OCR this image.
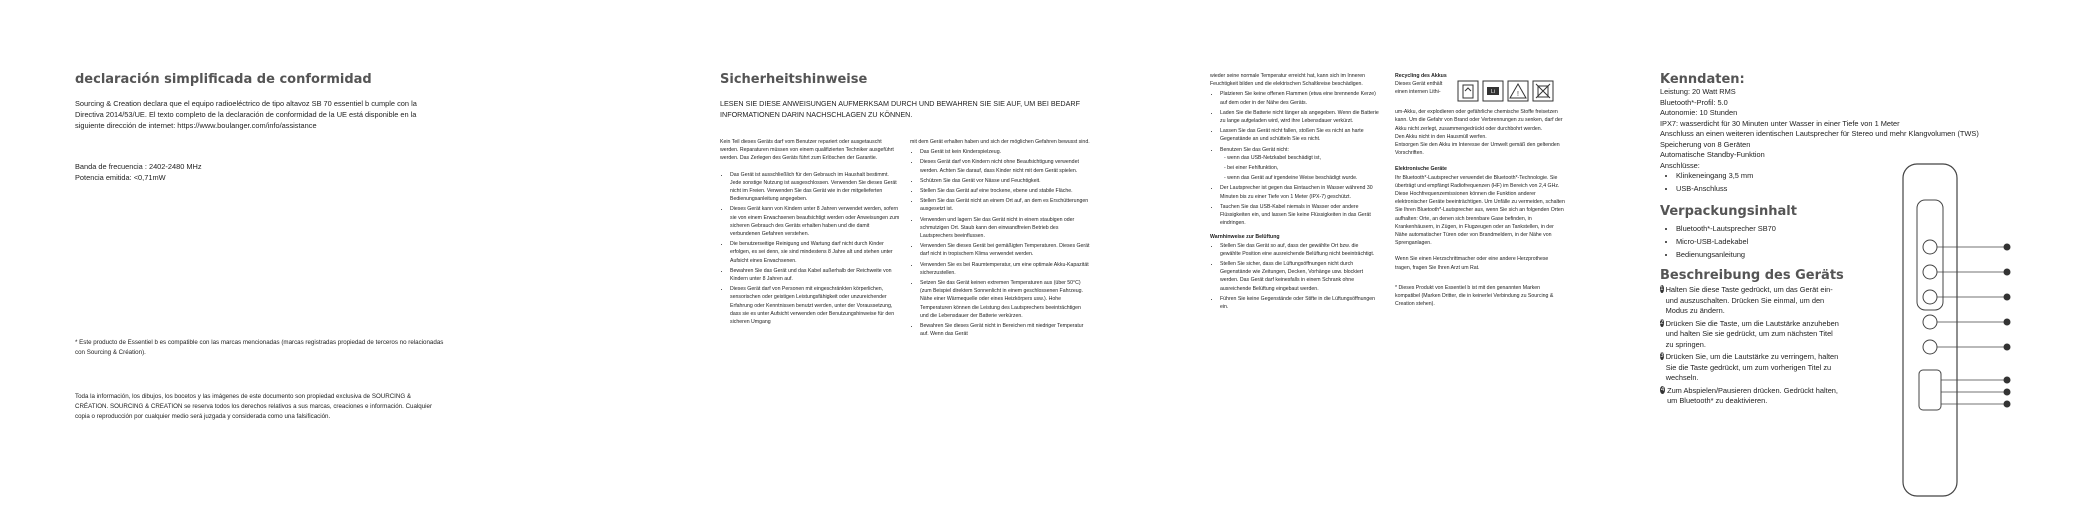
declaración simplificada de conformidad
Sourcing & Creation declara que el equipo radioeléctrico de tipo altavoz SB 70 essentiel b cumple con la Directiva 2014/53/UE. El texto completo de la declaración de conformidad de la UE está disponible en la siguiente dirección de internet: https://www.boulanger.com/info/assistance
Banda de frecuencia : 2402-2480 MHz
Potencia emitida: <0,71mW
* Este producto de Essentiel b es compatible con las marcas mencionadas (marcas registradas propiedad de terceros no relacionadas con Sourcing & Création).
Toda la información, los dibujos, los bocetos y las imágenes de este documento son propiedad exclusiva de SOURCING & CRÉATION. SOURCING & CREATION se reserva todos los derechos relativos a sus marcas, creaciones e información. Cualquier copia o reproducción por cualquier medio será juzgada y considerada como una falsificación.
Sicherheitshinweise
LESEN SIE DIESE ANWEISUNGEN AUFMERKSAM DURCH UND BEWAHREN SIE SIE AUF, UM BEI BEDARF INFORMATIONEN DARIN NACHSCHLAGEN ZU KÖNNEN.

Kein Teil dieses Geräts darf vom Benutzer repariert oder ausgetauscht werden. Reparaturen müssen von einem qualifizierten Techniker ausgeführt werden. Das Zerlegen des Geräts führt zum Erlöschen der Garantie.

• Das Gerät ist ausschließlich für den Gebrauch im Haushalt bestimmt. Jede sonstige Nutzung ist ausgeschlossen. Verwenden Sie dieses Gerät nicht im Freien. Verwenden Sie das Gerät wie in der mitgelieferten Bedienungsanleitung angegeben.
• Dieses Gerät kann von Kindern unter 8 Jahren verwendet werden, sofern sie von einem Erwachsenen beaufsichtigt werden oder Anweisungen zum sicheren Gebrauch des Geräts erhalten haben und die damit verbundenen Gefahren verstehen.
• Die benutzerseitige Reinigung und Wartung darf nicht durch Kinder erfolgen, es sei denn, sie sind mindestens 8 Jahre alt und stehen unter Aufsicht eines Erwachsenen.
• Bewahren Sie das Gerät und das Kabel außerhalb der Reichweite von Kindern unter 8 Jahren auf.
• Dieses Gerät darf von Personen mit eingeschränkten körperlichen, sensorischen oder geistigen Leistungsfähigkeit oder unzureichender Erfahrung oder Kenntnissen benutzt werden, unter der Voraussetzung, dass sie es unter Aufsicht verwenden oder Benutzungshinweise für den sicheren Umgang

mit dem Gerät erhalten haben und sich der möglichen Gefahren bewusst sind.

• Das Gerät ist kein Kinderspielzeug.
• Dieses Gerät darf von Kindern nicht ohne Beaufsichtigung verwendet werden. Achten Sie darauf, dass Kinder nicht mit dem Gerät spielen.
• Schützen Sie das Gerät vor Nässe und Feuchtigkeit.
• Stellen Sie das Gerät auf eine trockene, ebene und stabile Fläche.
• Stellen Sie das Gerät nicht an einem Ort auf, an dem es Erschütterungen ausgesetzt ist.
• Verwenden und lagern Sie das Gerät nicht in einem staubigen oder schmutzigen Ort. Staub kann den einwandfreien Betrieb des Lautsprechers beeinflussen.
• Verwenden Sie dieses Gerät bei gemäßigten Temperaturen. Dieses Gerät darf nicht in tropischem Klima verwendet werden.
• Verwenden Sie es bei Raumtemperatur, um eine optimale Akku-Kapazität sicherzustellen.
• Setzen Sie das Gerät keinen extremen Temperaturen aus (über 50°C) (zum Beispiel direktem Sonnenlicht in einem geschlossenen Fahrzeug. Nähe einer Wärmequelle oder eines Heizkörpers usw.). Hohe Temperaturen können die Leistung des Lautsprechers beeinträchtigen und die Lebensdauer der Batterie verkürzen.
• Bewahren Sie dieses Gerät nicht in Bereichen mit niedriger Temperatur auf. Wenn das Gerät

wieder seine normale Temperatur erreicht hat, kann sich im Inneren Feuchtigkeit bilden und die elektrischen Schaltkreise beschädigen.

• Platzieren Sie keine offenen Flammen (etwa eine brennende Kerze) auf dem oder in der Nähe des Geräts.
• Laden Sie die Batterie nicht länger als angegeben. Wenn die Batterie zu lange aufgeladen wird, wird ihre Lebensdauer verkürzt.
• Lassen Sie das Gerät nicht fallen, stoßen Sie es nicht an harte Gegenstände an und schütteln Sie es nicht.
• Benutzen Sie das Gerät nicht:
- wenn das USB-Netzkabel beschädigt ist,
- bei einer Fehlfunktion,
- wenn das Gerät auf irgendeine Weise beschädigt wurde.
• Der Lautsprecher ist gegen das Eintauchen in Wasser während 30 Minuten bis zu einer Tiefe von 1 Meter (IPX-7) geschützt.
• Tauchen Sie das USB-Kabel niemals in Wasser oder andere Flüssigkeiten ein, und lassen Sie keine Flüssigkeiten in das Gerät eindringen.

Warnhinweise zur Belüftung

• Stellen Sie das Gerät so auf, dass der gewählte Ort bzw. die gewählte Position eine ausreichende Belüftung nicht beeinträchtigt.
• Stellen Sie sicher, dass die Lüftungsöffnungen nicht durch Gegenstände wie Zeitungen, Decken, Vorhänge usw. blockiert werden. Das Gerät darf keinesfalls in einem Schrank ohne ausreichende Belüftung eingebaut werden.
• Führen Sie keine Gegenstände oder Stifte in die Lüftungsöffnungen ein.

Recycling des Akkus

Dieses Gerät enthält einen internen Lithi-	Li	!

um-Akku, der explodieren oder gefährliche chemische Stoffe freisetzen kann. Um die Gefahr von Brand oder Verbrennungen zu senken, darf der Akku nicht zerlegt, zusammengedrückt oder durchbohrt werden.

Den Akku nicht in den Hausmüll werfen.

Entsorgen Sie den Akku im Interesse der Umwelt gemäß den geltenden Vorschriften.

Elektronische Geräte

Ihr Bluetooth*-Lautsprecher verwendet die Bluetooth*-Technologie. Sie überträgt und empfängt Radiofrequenzen (HF) im Bereich von 2,4 GHz.

Diese Hochfrequenzemissionen können die Funktion anderer elektronischer Geräte beeinträchtigen. Um Unfälle zu vermeiden, schalten Sie Ihren Bluetooth*-Lautsprecher aus, wenn Sie sich an folgenden Orten aufhalten: Orte, an denen sich brennbare Gase befinden, in Krankenhäusern, in Zügen, in Flugzeugen oder an Tankstellen, in der Nähe automatischer Türen oder von Brandmeldern, in der Nähe von Sprenganlagen.

Wenn Sie einen Herzschrittmacher oder eine andere Herzprothese tragen, fragen Sie Ihren Arzt um Rat.

* Dieses Produkt von Essentiel b ist mit den genannten Marken kompatibel (Marken Dritter, die in keinerlei Verbindung zu Sourcing & Creation stehen).

Kenndaten:
Leistung: 20 Watt RMS
Bluetooth*-Profil: 5.0
Autonomie: 10 Stunden
IPX7: wasserdicht für 30 Minuten unter Wasser in einer Tiefe von 1 Meter
Anschluss an einen weiteren identischen Lautsprecher für Stereo und mehr Klangvolumen (TWS)
Speicherung von 8 Geräten
Automatische Standby-Funktion
Anschlüsse:
• Klinkeneingang 3,5 mm
• USB-Anschluss
Verpackungsinhalt
• Bluetooth*-Lautsprecher SB70
• Micro-USB-Ladekabel
• Bedienungsanleitung
Beschreibung des Geräts
1 Halten Sie diese Taste gedrückt, um das Gerät ein- und auszuschalten. Drücken Sie einmal, um den Modus zu ändern.
2 Drücken Sie die Taste, um die Lautstärke anzuheben und halten Sie sie gedrückt, um zum nächsten Titel zu springen.
3 Drücken Sie, um die Lautstärke zu verringern, halten Sie die Taste gedrückt, um zum vorherigen Titel zu wechseln.
4 Zum Abspielen/Pausieren drücken. Gedrückt halten, um Bluetooth* zu deaktivieren.
